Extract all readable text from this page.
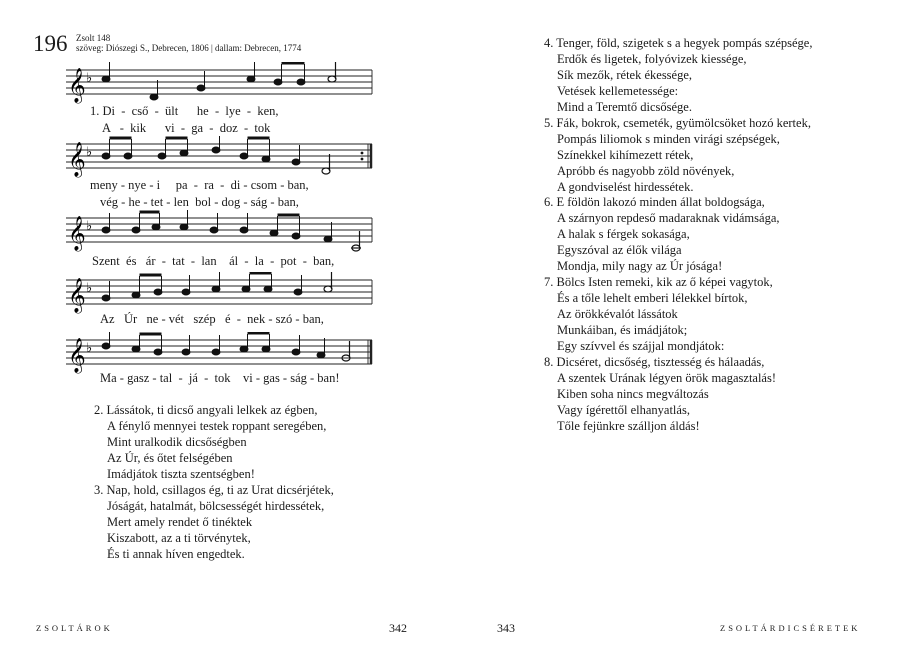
196 Zsolt 148
szöveg: Diószegi S., Debrecen, 1806 | dallam: Debrecen, 1774
𝄞 ♭
1. Di  -  cső  -  ült      he  -  lye  -  ken,
A   -  kik      vi  -  ga  -  doz  -  tok
𝄞 ♭
meny - nye - i     pa  -  ra  -  di - csom - ban,
vég - he - tet - len  bol - dog - ság - ban,
𝄞 ♭
Szent  és   ár  -  tat  -  lan    ál  -  la  -  pot  -  ban,
𝄞 ♭
Az   Úr   ne - vét   szép   é  -  nek - szó - ban,
𝄞 ♭
Ma - gasz - tal  -  já  -  tok    vi - gas - ság - ban!
2. Lássátok, ti dicső angyali lelkek az égben,
A fénylő mennyei testek roppant seregében,
Mint uralkodik dicsőségben
Az Úr, és őtet felségében
Imádjátok tiszta szentségben!
3. Nap, hold, csillagos ég, ti az Urat dicsérjétek,
Jóságát, hatalmát, bölcsességét hirdessétek,
Mert amely rendet ő tinéktek
Kiszabott, az a ti törvénytek,
És ti annak híven engedtek.
ZSOLTÁROK	342
4. Tenger, föld, szigetek s a hegyek pompás szépsége,
Erdők és ligetek, folyóvizek kiessége,
Sík mezők, rétek ékessége,
Vetések kellemetessége:
Mind a Teremtő dicsősége.
5. Fák, bokrok, csemeték, gyümölcsöket hozó kertek,
Pompás liliomok s minden virági szépségek,
Színekkel kihímezett rétek,
Apróbb és nagyobb zöld növények,
A gondviselést hirdessétek.
6. E földön lakozó minden állat boldogsága,
A szárnyon repdeső madaraknak vidámsága,
A halak s férgek sokasága,
Egyszóval az élők világa
Mondja, mily nagy az Úr jósága!
7. Bölcs Isten remeki, kik az ő képei vagytok,
És a tőle lehelt emberi lélekkel bírtok,
Az örökkévalót lássátok
Munkáiban, és imádjátok;
Egy szívvel és szájjal mondjátok:
8. Dicséret, dicsőség, tisztesség és hálaadás,
A szentek Urának légyen örök magasztalás!
Kiben soha nincs megváltozás
Vagy ígérettől elhanyatlás,
Tőle fejünkre szálljon áldás!
343	ZSOLTÁRDICSÉRETEK
